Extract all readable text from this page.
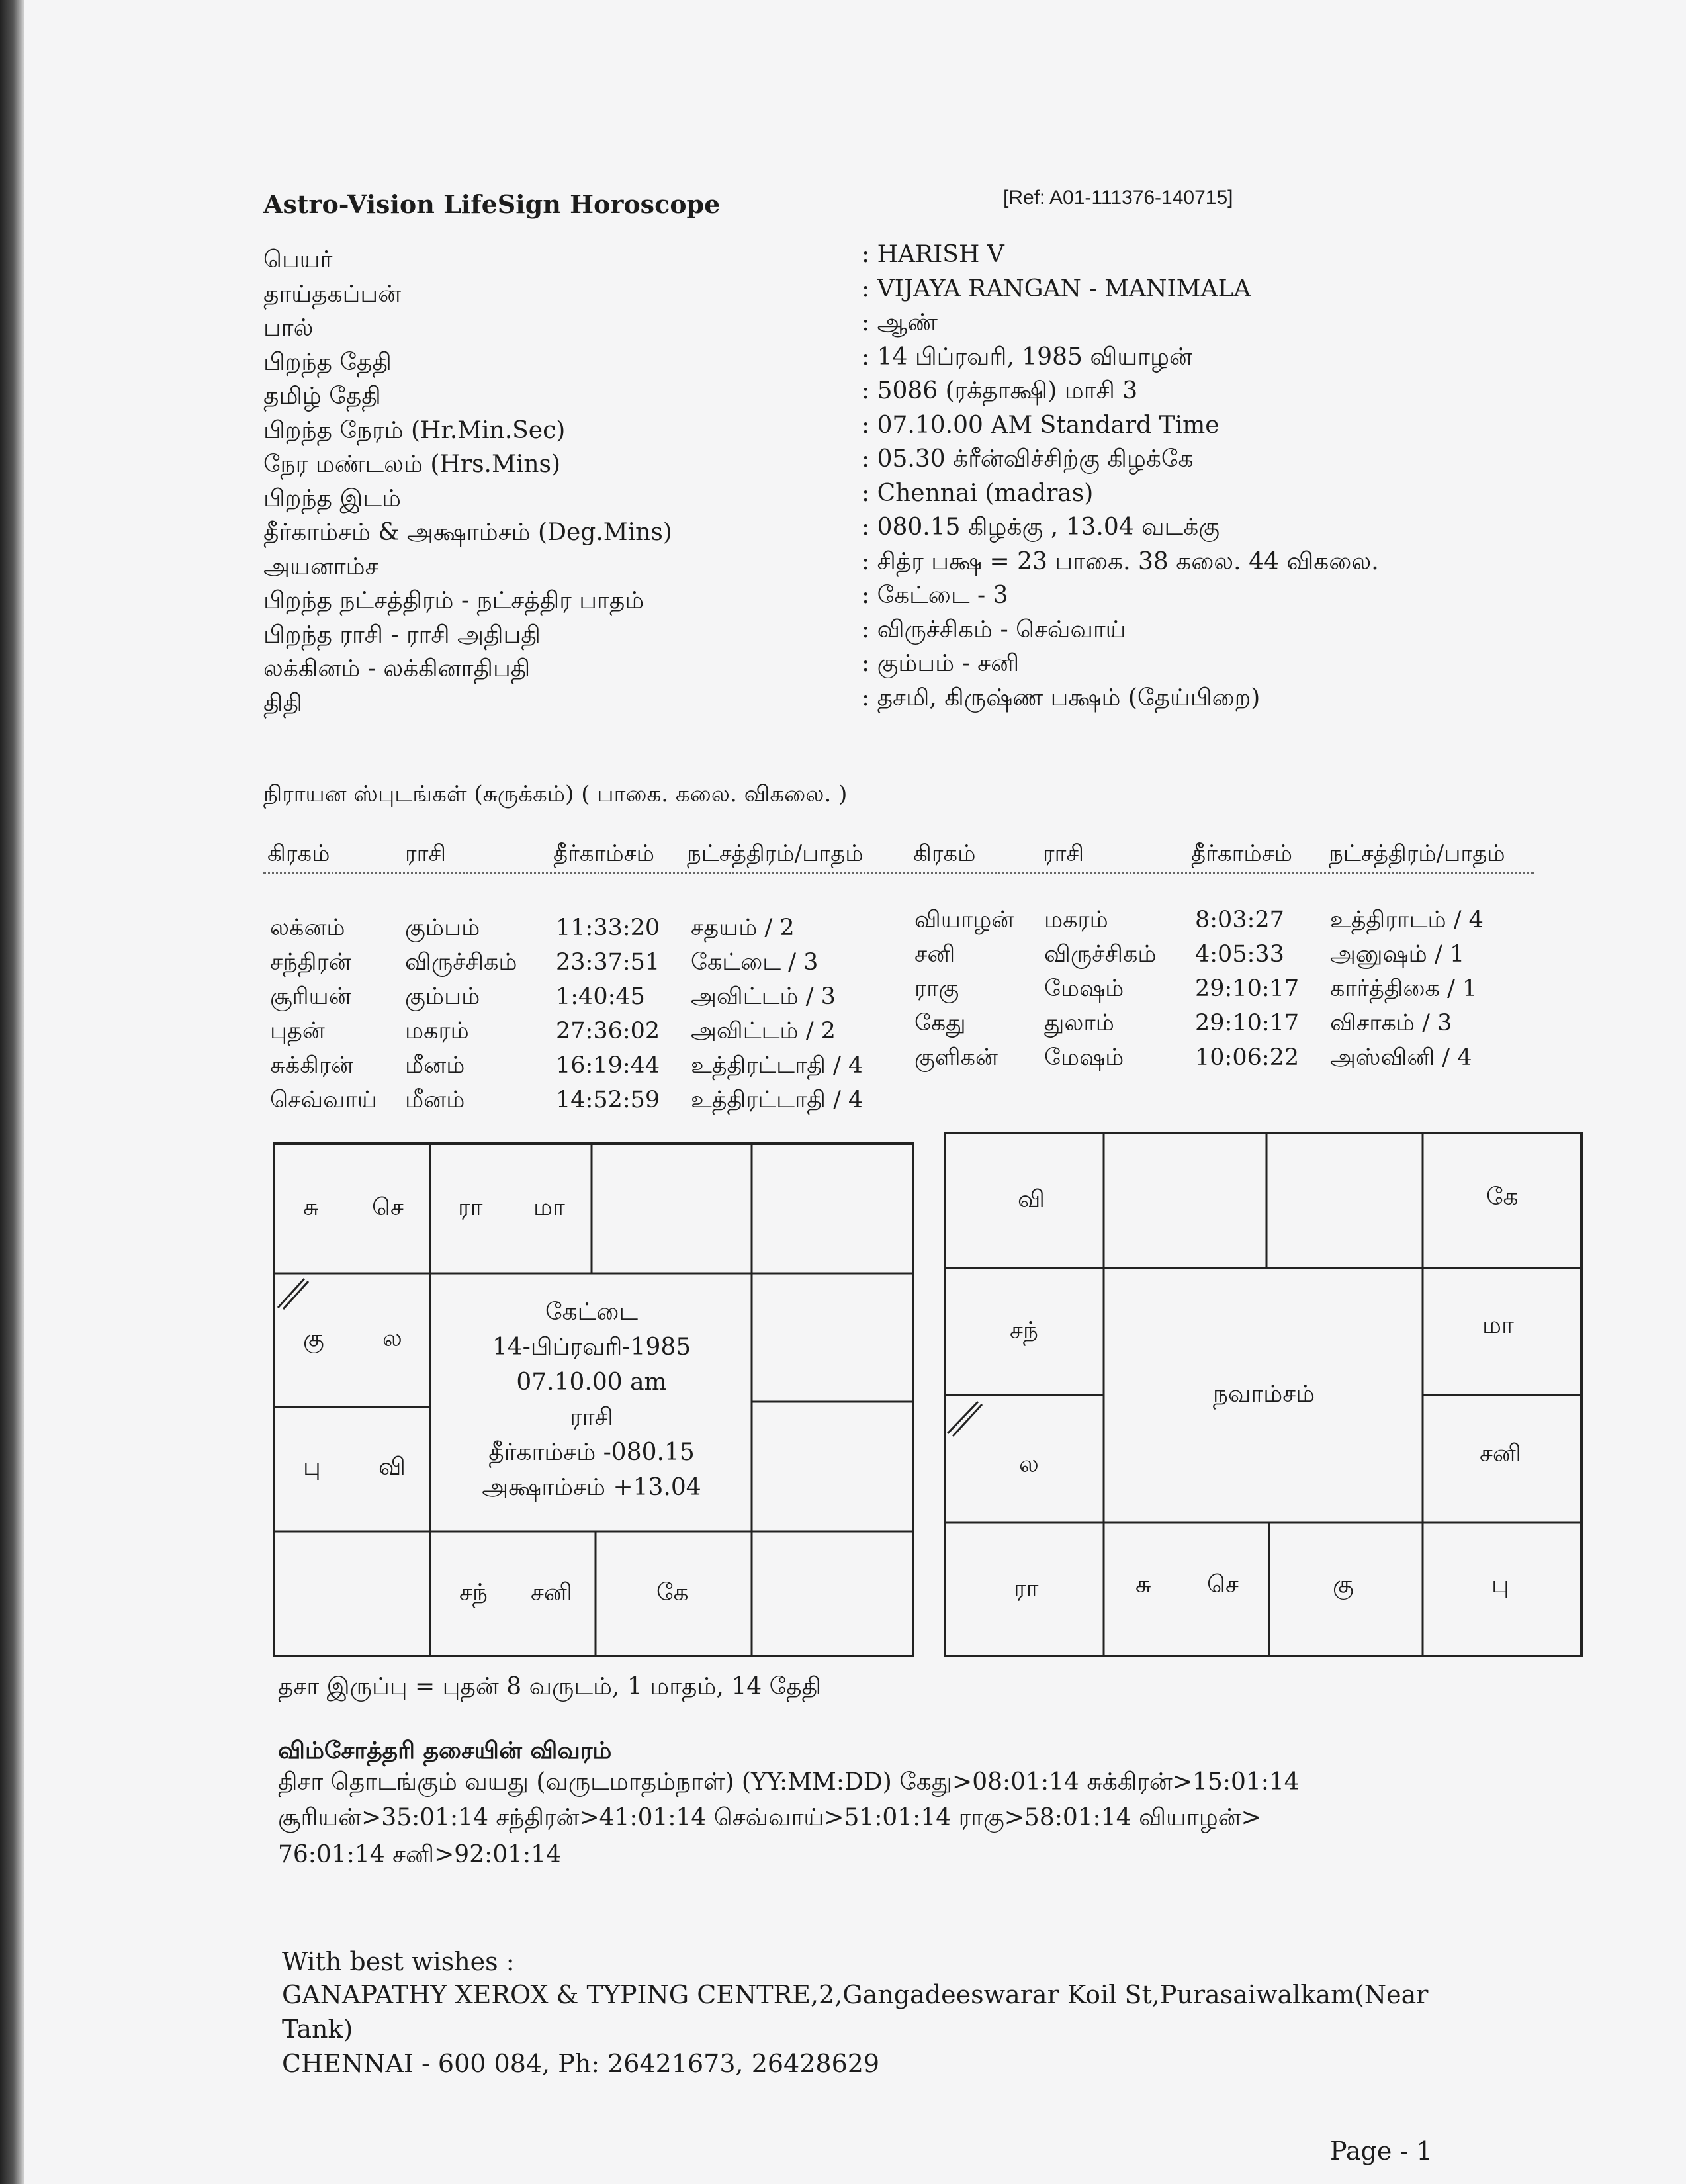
Astro-Vision LifeSign Horoscope	[Ref: A01-111376-140715]
பெயர்	: HARISH V
தாய்தகப்பன்	: VIJAYA RANGAN - MANIMALA
பால்	: ஆண்
பிறந்த தேதி	: 14 பிப்ரவரி, 1985 வியாழன்
தமிழ் தேதி	: 5086 (ரக்தாக்ஷி) மாசி 3
பிறந்த நேரம் (Hr.Min.Sec)	: 07.10.00 AM Standard Time
நேர மண்டலம் (Hrs.Mins)	: 05.30 க்ரீன்விச்சிற்கு கிழக்கே
பிறந்த இடம்	: Chennai (madras)
தீர்காம்சம் & அக்ஷாம்சம் (Deg.Mins)	: 080.15 கிழக்கு , 13.04 வடக்கு
அயனாம்ச	: சித்ர பக்ஷ = 23 பாகை. 38 கலை. 44 விகலை.
பிறந்த நட்சத்திரம் - நட்சத்திர பாதம்	: கேட்டை - 3
பிறந்த ராசி - ராசி அதிபதி	: விருச்சிகம் - செவ்வாய்
லக்கினம் - லக்கினாதிபதி	: கும்பம் - சனி
திதி	: தசமி, கிருஷ்ண பக்ஷம் (தேய்பிறை)
நிராயன ஸ்புடங்கள் (சுருக்கம்) ( பாகை. கலை. விகலை. )
கிரகம்	ராசி	தீர்காம்சம் நட்சத்திரம்/பாதம் கிரகம்	ராசி	தீர்காம்சம் நட்சத்திரம்/பாதம்
லக்னம்	கும்பம்	11:33:20 சதயம் / 2
சந்திரன் விருச்சிகம் 23:37:51 கேட்டை / 3
சூரியன் கும்பம்	1:40:45 அவிட்டம் / 3
புதன்	மகரம்	27:36:02 அவிட்டம் / 2
சுக்கிரன் மீனம்	16:19:44 உத்திரட்டாதி / 4
செவ்வாய் மீனம்	14:52:59 உத்திரட்டாதி / 4
வியாழன் மகரம்	8:03:27 உத்திராடம் / 4
சனி	விருச்சிகம் 4:05:33 அனுஷம் / 1
ராகு	மேஷம்	29:10:17 கார்த்திகை / 1
கேது	துலாம்	29:10:17 விசாகம் / 3
குளிகன் மேஷம்	10:06:22 அஸ்வினி / 4
சு செ ரா மா
கு ல
பு வி
சந் சனி	கே
கேட்டை
14-பிப்ரவரி-1985
07.10.00 am
ராசி
தீர்காம்சம் -080.15
அக்ஷாம்சம் +13.04
வி	கே
சந்	மா
ல	சனி
ரா	சு செ	கு	பு
நவாம்சம்
தசா இருப்பு = புதன் 8 வருடம், 1 மாதம், 14 தேதி
விம்சோத்தரி தசையின் விவரம்
திசா தொடங்கும் வயது (வருடமாதம்நாள்) (YY:MM:DD) கேது>08:01:14 சுக்கிரன்>15:01:14
சூரியன்>35:01:14 சந்திரன்>41:01:14 செவ்வாய்>51:01:14 ராகு>58:01:14 வியாழன்>
76:01:14 சனி>92:01:14
With best wishes :
GANAPATHY XEROX & TYPING CENTRE,2,Gangadeeswarar Koil St,Purasaiwalkam(Near
Tank)
CHENNAI - 600 084, Ph: 26421673, 26428629
Page - 1
